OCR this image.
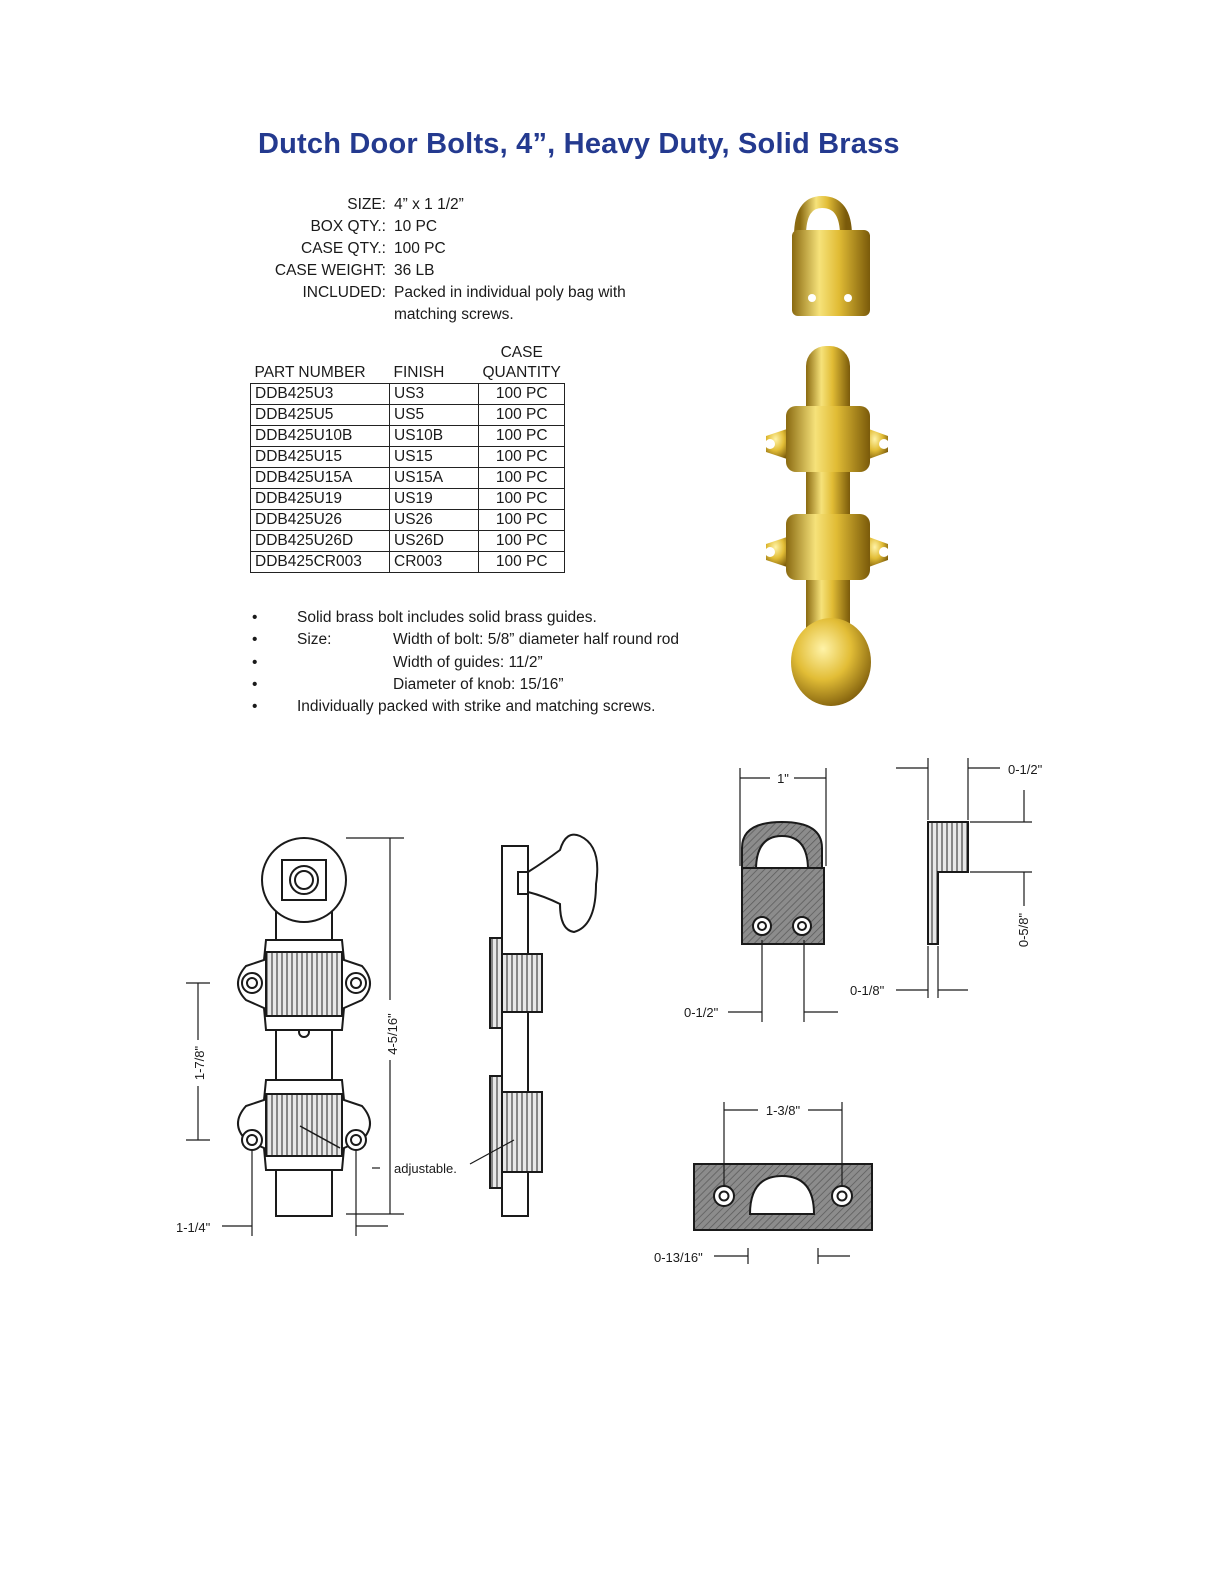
Dutch Door Bolts, 4”, Heavy Duty, Solid Brass
SIZE: 4” x 1 1/2”
BOX QTY.: 10 PC
CASE QTY.: 100 PC
CASE WEIGHT: 36 LB
INCLUDED: Packed in individual poly bag with matching screws.
PART NUMBER	FINISH	CASE
QUANTITY
DDB425U3	US3	100 PC
DDB425U5	US5	100 PC
DDB425U10B	US10B	100 PC
DDB425U15	US15	100 PC
DDB425U15A	US15A	100 PC
DDB425U19	US19	100 PC
DDB425U26	US26	100 PC
DDB425U26D	US26D	100 PC
DDB425CR003	CR003	100 PC
•	Solid brass bolt includes solid brass guides.
•	Size:	Width of bolt: 5/8” diameter half round rod
•	Width of guides: 11/2”
•	Diameter of knob: 15/16”
•	Individually packed with strike and matching screws.
4-5/16"
1-7/8"
1-1/4"
adjustable.
1"
0-1/2"
0-1/2"
0-5/8"
0-1/8"
1-3/8"
0-13/16"
